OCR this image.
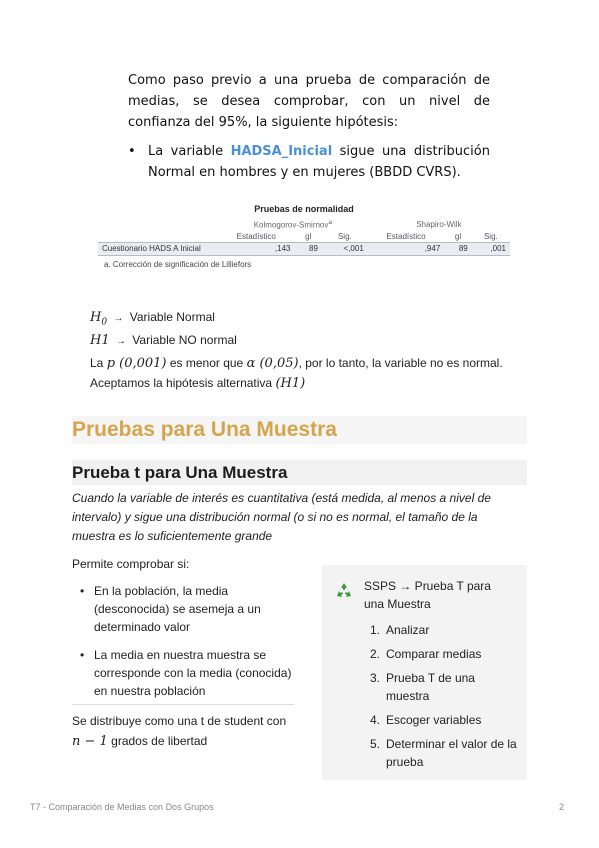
Como paso previo a una prueba de comparación de medias, se desea comprobar, con un nivel de confianza del 95%, la siguiente hipótesis:

• La variable HADSA_Inicial sigue una distribución Normal en hombres y en mujeres (BBDD CVRS).
Pruebas de normalidad
	Kolmogorov-Smirnov$^a$			Shapiro-Wilk		
	Estadístico	gl	Sig.	Estadístico	gl	Sig.
Cuestionario HADS A Inicial	,143	89	<,001	,947	89	,001
a. Corrección de significación de Lilliefors
$H_0$ → Variable Normal
H1 → Variable NO normal
La p (0,001) es menor que α (0,05), por lo tanto, la variable no es normal.
Aceptamos la hipótesis alternativa (H1)
Pruebas para Una Muestra
Prueba t para Una Muestra
Cuando la variable de interés es cuantitativa (está medida, al menos a nivel de intervalo) y sigue una distribución normal (o si no es normal, el tamaño de la muestra es lo suficientemente grande
Permite comprobar si:
• En la población, la media (desconocida) se asemeja a un determinado valor
• La media en nuestra muestra se corresponde con la media (conocida) en nuestra población
Se distribuye como una t de student con
n − 1 grados de libertad
SSPS → Prueba T para una Muestra
1. Analizar
2. Comparar medias
3. Prueba T de una muestra
4. Escoger variables
5. Determinar el valor de la prueba
T7 - Comparación de Medias con Dos Grupos	2
